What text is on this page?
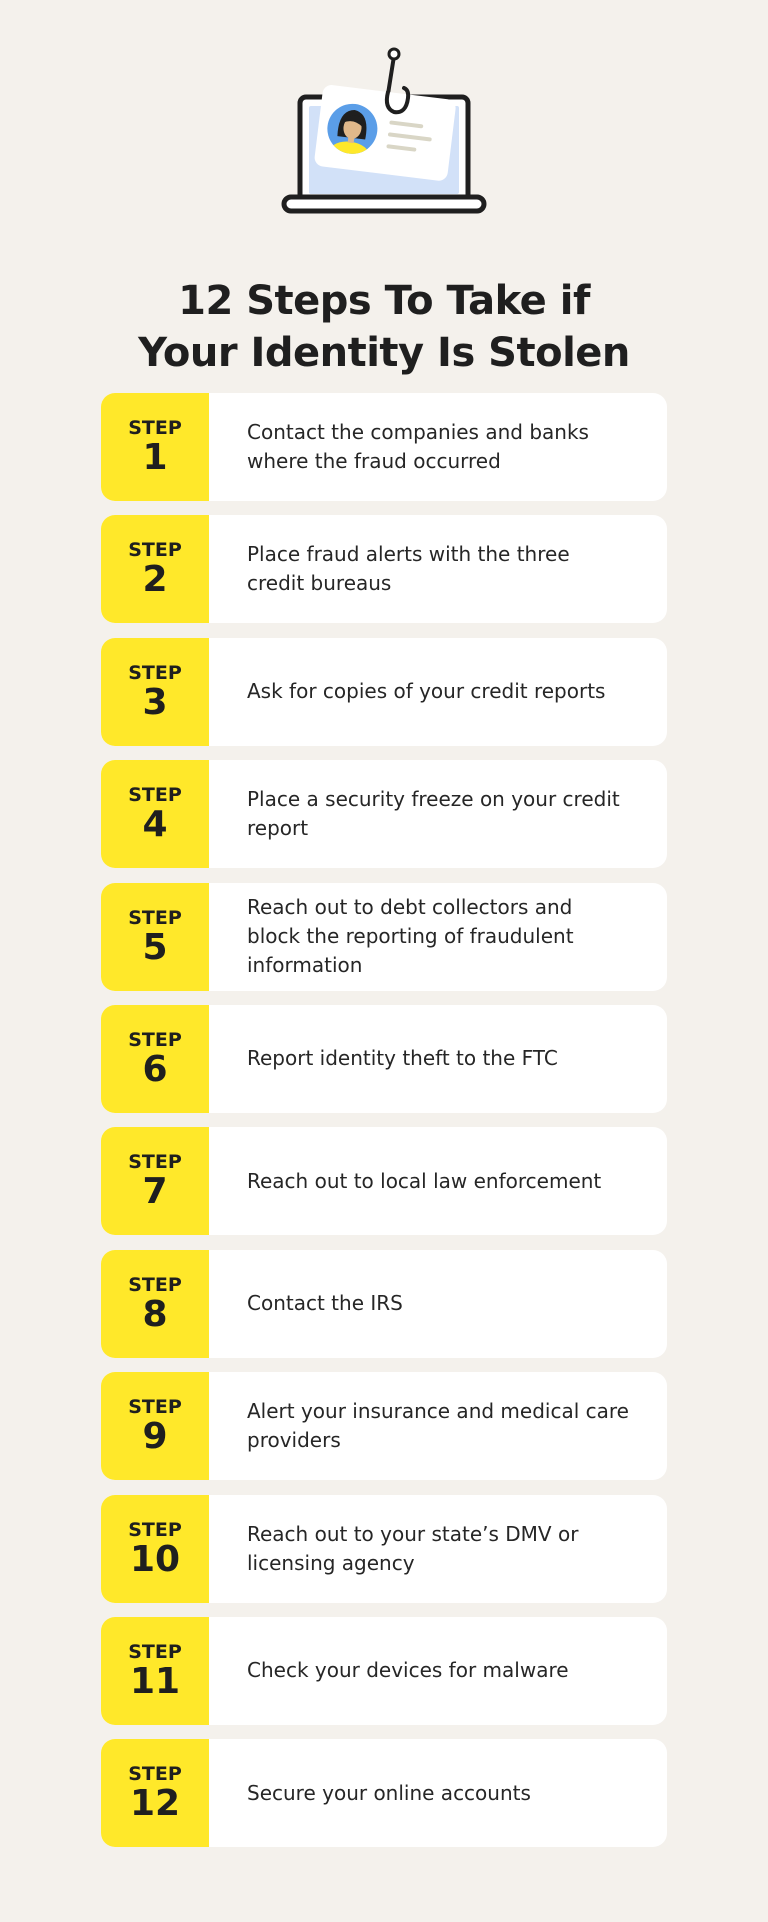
12 Steps To Take if
Your Identity Is Stolen
STEP
1
Contact the companies and banks where the fraud occurred
STEP
2
Place fraud alerts with the three credit bureaus
STEP
3	Ask for copies of your credit reports
STEP
4
Place a security freeze on your credit report
STEP
5
Reach out to debt collectors and block the reporting of fraudulent information
STEP
6	Report identity theft to the FTC
STEP
7	Reach out to local law enforcement
STEP
8	Contact the IRS
STEP
9
Alert your insurance and medical care providers
STEP
10
Reach out to your state’s DMV or licensing agency
STEP
11	Check your devices for malware
STEP
12	Secure your online accounts
